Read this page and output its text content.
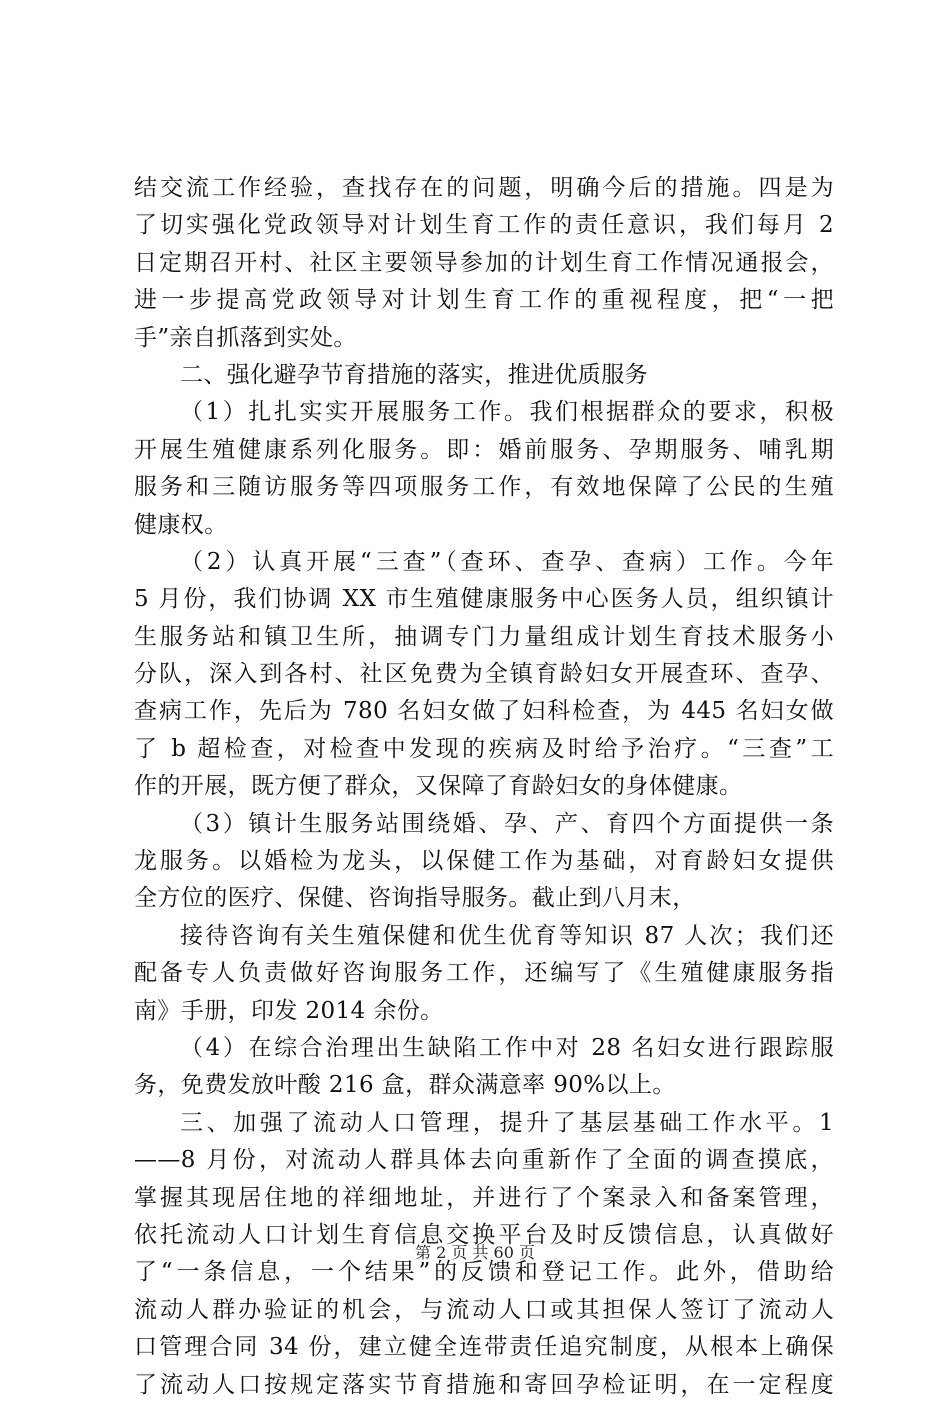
结交流工作经验，查找存在的问题，明确今后的措施。四是为
了切实强化党政领导对计划生育工作的责任意识，我们每月 2
日定期召开村、社区主要领导参加的计划生育工作情况通报会，
进一步提高党政领导对计划生育工作的重视程度，把“一把
手”亲自抓落到实处。
二、强化避孕节育措施的落实，推进优质服务
（1）扎扎实实开展服务工作。我们根据群众的要求，积极
开展生殖健康系列化服务。即：婚前服务、孕期服务、哺乳期
服务和三随访服务等四项服务工作，有效地保障了公民的生殖
健康权。
（2）认真开展“三查”（查环、查孕、查病）工作。今年
5 月份，我们协调 XX 市生殖健康服务中心医务人员，组织镇计
生服务站和镇卫生所，抽调专门力量组成计划生育技术服务小
分队，深入到各村、社区免费为全镇育龄妇女开展查环、查孕、
查病工作，先后为 780 名妇女做了妇科检查，为 445 名妇女做
了 b 超检查，对检查中发现的疾病及时给予治疗。“三查”工
作的开展，既方便了群众，又保障了育龄妇女的身体健康。
（3）镇计生服务站围绕婚、孕、产、育四个方面提供一条
龙服务。以婚检为龙头，以保健工作为基础，对育龄妇女提供
全方位的医疗、保健、咨询指导服务。截止到八月末，
接待咨询有关生殖保健和优生优育等知识 87 人次；我们还
配备专人负责做好咨询服务工作，还编写了《生殖健康服务指
南》手册，印发 2014 余份。
（4）在综合治理出生缺陷工作中对 28 名妇女进行跟踪服
务，免费发放叶酸 216 盒，群众满意率 90%以上。
三、加强了流动人口管理，提升了基层基础工作水平。1
——8 月份，对流动人群具体去向重新作了全面的调查摸底，
掌握其现居住地的祥细地址，并进行了个案录入和备案管理，
依托流动人口计划生育信息交换平台及时反馈信息，认真做好
了“一条信息，一个结果”的反馈和登记工作。此外，借助给
流动人群办验证的机会，与流动人口或其担保人签订了流动人
口管理合同 34 份，建立健全连带责任追究制度，从根本上确保
了流动人口按规定落实节育措施和寄回孕检证明，在一定程度
第 2 页 共 60 页
